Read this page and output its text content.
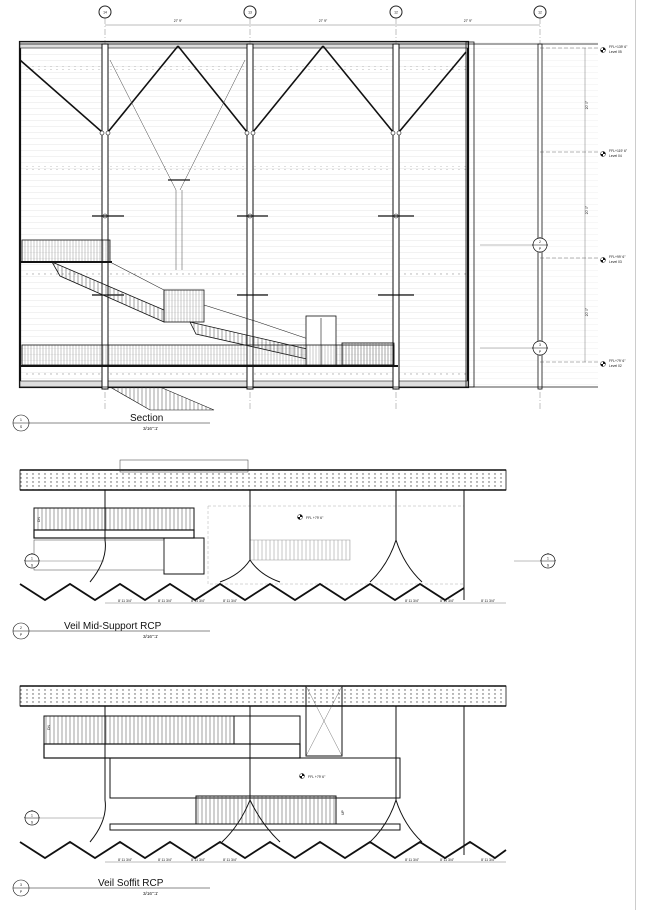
14	13	12	12
27' 9"	27' 9"	27' 9"
20' 0"
20' 0"
20' 0"
FFL+139' 6"
Level 05
FFL+119' 6"
Level 04
FFL+99' 6"
Level 03
FFL+79' 6"
Level 02
2
P
3
P
1
S
Section
3/16":1'
DN	FFL +79' 6"
1
S
1
S
8' 11 3/4"	8' 11 3/4"	8' 11 3/4"	8' 11 3/4"	8' 11 3/4"	8' 11 3/4"	8' 11 3/4"
2
P
Veil Mid-Support RCP
3/16":1'
DN
UP
FFL +79' 6"
1
S
8' 11 3/4"	8' 11 3/4"	8' 11 3/4"	8' 11 3/4"	8' 11 3/4"	8' 11 3/4"	8' 11 3/4"
3
P
Veil Soffit RCP
3/16":1'
